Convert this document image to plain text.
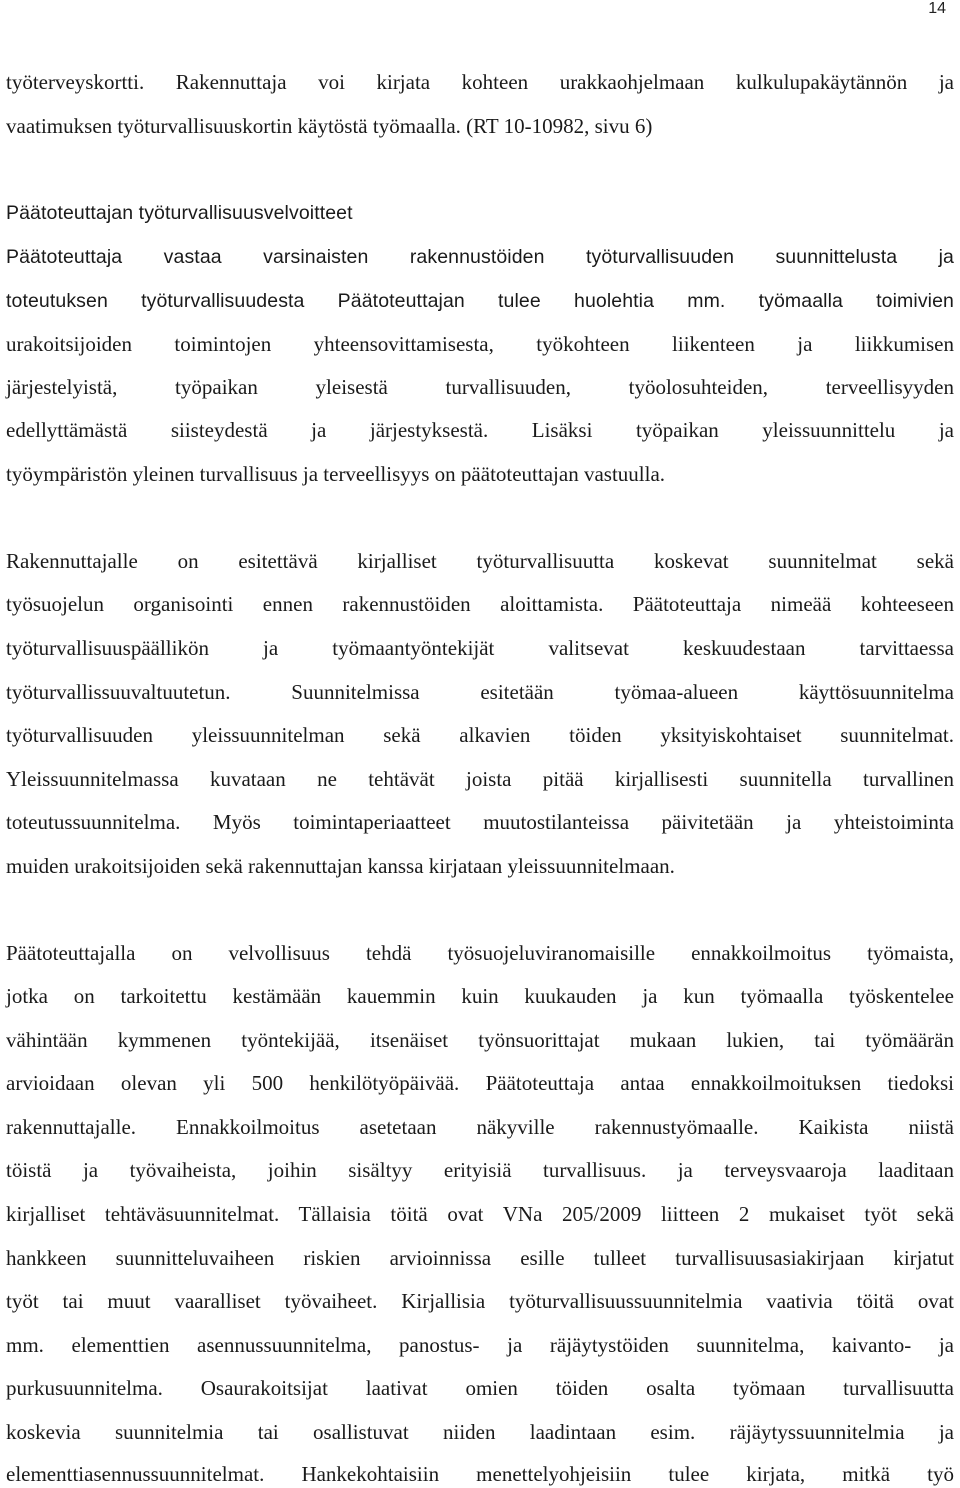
14
työterveyskortti. Rakennuttaja voi kirjata kohteen urakkaohjelmaan kulkulupakäytännön ja
vaatimuksen työturvallisuuskortin käytöstä työmaalla. (RT 10-10982, sivu 6)
Päätoteuttajan työturvallisuusvelvoitteet
Päätoteuttaja vastaa varsinaisten rakennustöiden työturvallisuuden suunnittelusta ja
toteutuksen työturvallisuudesta Päätoteuttajan tulee huolehtia mm. työmaalla toimivien
urakoitsijoiden toimintojen yhteensovittamisesta, työkohteen liikenteen ja liikkumisen
järjestelyistä, työpaikan yleisestä turvallisuuden, työolosuhteiden, terveellisyyden
edellyttämästä siisteydestä ja järjestyksestä. Lisäksi työpaikan yleissuunnittelu ja
työympäristön yleinen turvallisuus ja terveellisyys on päätoteuttajan vastuulla.
Rakennuttajalle on esitettävä kirjalliset työturvallisuutta koskevat suunnitelmat sekä
työsuojelun organisointi ennen rakennustöiden aloittamista. Päätoteuttaja nimeää kohteeseen
työturvallisuuspäällikön ja työmaantyöntekijät valitsevat keskuudestaan tarvittaessa
työturvallissuuvaltuutetun. Suunnitelmissa esitetään työmaa-alueen käyttösuunnitelma
työturvallisuuden yleissuunnitelman sekä alkavien töiden yksityiskohtaiset suunnitelmat.
Yleissuunnitelmassa kuvataan ne tehtävät joista pitää kirjallisesti suunnitella turvallinen
toteutussuunnitelma. Myös toimintaperiaatteet muutostilanteissa päivitetään ja yhteistoiminta
muiden urakoitsijoiden sekä rakennuttajan kanssa kirjataan yleissuunnitelmaan.
Päätoteuttajalla on velvollisuus tehdä työsuojeluviranomaisille ennakkoilmoitus työmaista,
jotka on tarkoitettu kestämään kauemmin kuin kuukauden ja kun työmaalla työskentelee
vähintään kymmenen työntekijää, itsenäiset työnsuorittajat mukaan lukien, tai työmäärän
arvioidaan olevan yli 500 henkilötyöpäivää. Päätoteuttaja antaa ennakkoilmoituksen tiedoksi
rakennuttajalle. Ennakkoilmoitus asetetaan näkyville rakennustyömaalle. Kaikista niistä
töistä ja työvaiheista, joihin sisältyy erityisiä turvallisuus. ja terveysvaaroja laaditaan
kirjalliset tehtäväsuunnitelmat. Tällaisia töitä ovat VNa 205/2009 liitteen 2 mukaiset työt sekä
hankkeen suunnitteluvaiheen riskien arvioinnissa esille tulleet turvallisuusasiakirjaan kirjatut
työt tai muut vaaralliset työvaiheet. Kirjallisia työturvallisuussuunnitelmia vaativia töitä ovat
mm. elementtien asennussuunnitelma, panostus- ja räjäytystöiden suunnitelma, kaivanto- ja
purkusuunnitelma. Osaurakoitsijat laativat omien töiden osalta työmaan turvallisuutta
koskevia suunnitelmia tai osallistuvat niiden laadintaan esim. räjäytyssuunnitelmia ja
elementtiasennussuunnitelmat. Hankekohtaisiin menettelyohjeisiin tulee kirjata, mitkä työ
